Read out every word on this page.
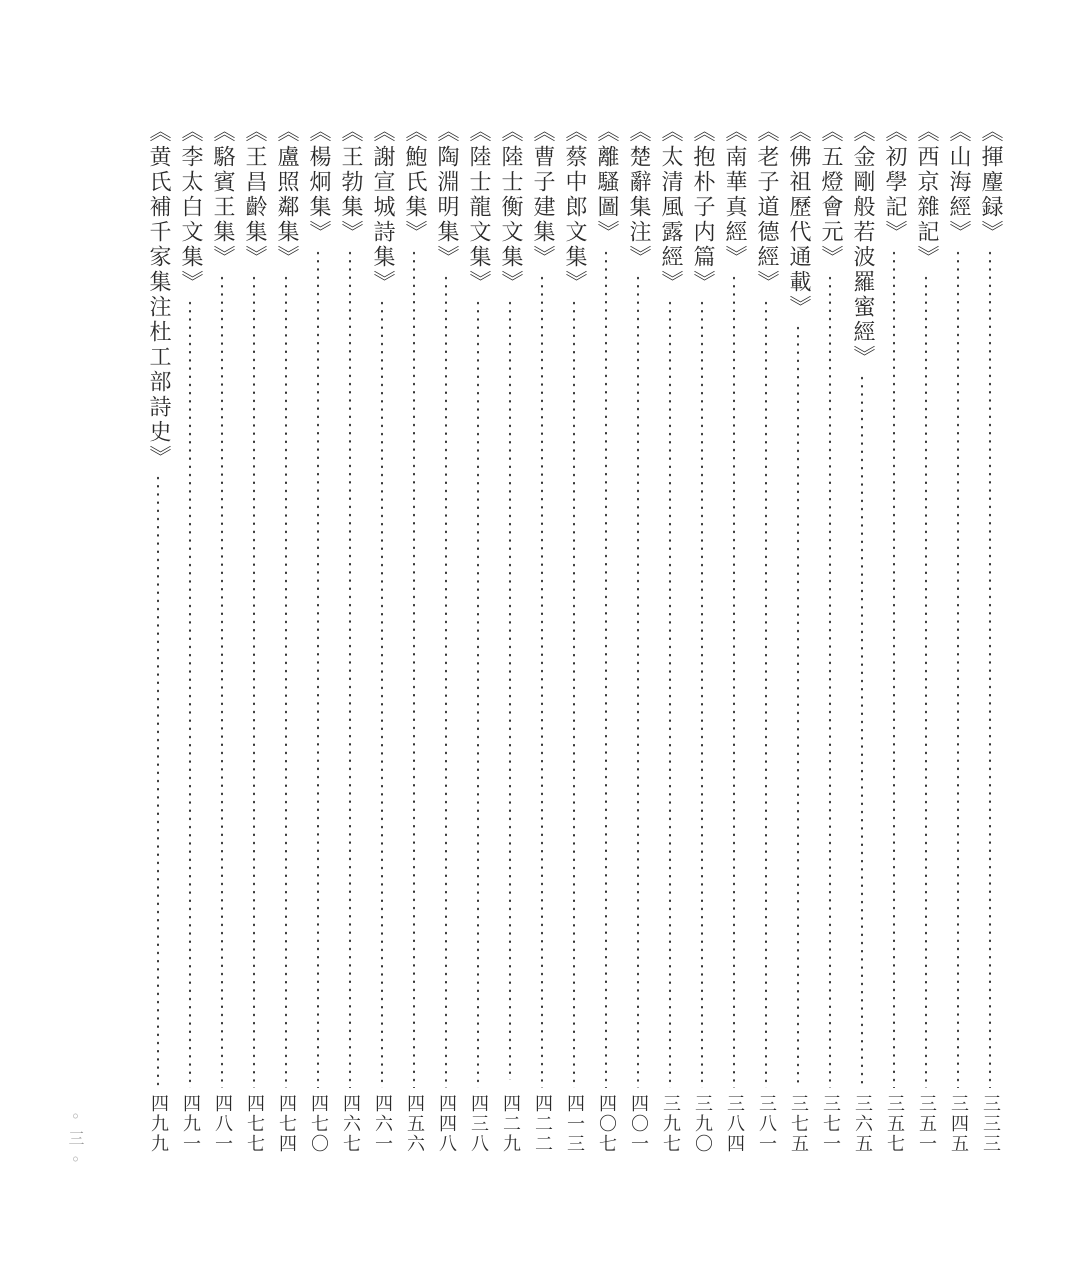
《揮麈録》
三三三
《山海經》
三四五
《西京雜記》
三五一
《初學記》
三五七
《金剛般若波羅蜜經》
三六五
《五燈會元》
三七一
《佛祖歷代通載》
三七五
《老子道德經》
三八一
《南華真經》
三八四
《抱朴子内篇》
三九〇
《太清風露經》
三九七
《楚辭集注》
四〇一
《離騷圖》
四〇七
《蔡中郎文集》
四一三
《曹子建集》
四二二
《陸士衡文集》
四二九
《陸士龍文集》
四三八
《陶淵明集》
四四八
《鮑氏集》
四五六
《謝宣城詩集》
四六一
《王勃集》
四六七
《楊炯集》
四七〇
《盧照鄰集》
四七四
《王昌齡集》
四七七
《駱賓王集》
四八一
《李太白文集》
四九一
《黄氏補千家集注杜工部詩史》
四九九
◦三◦
